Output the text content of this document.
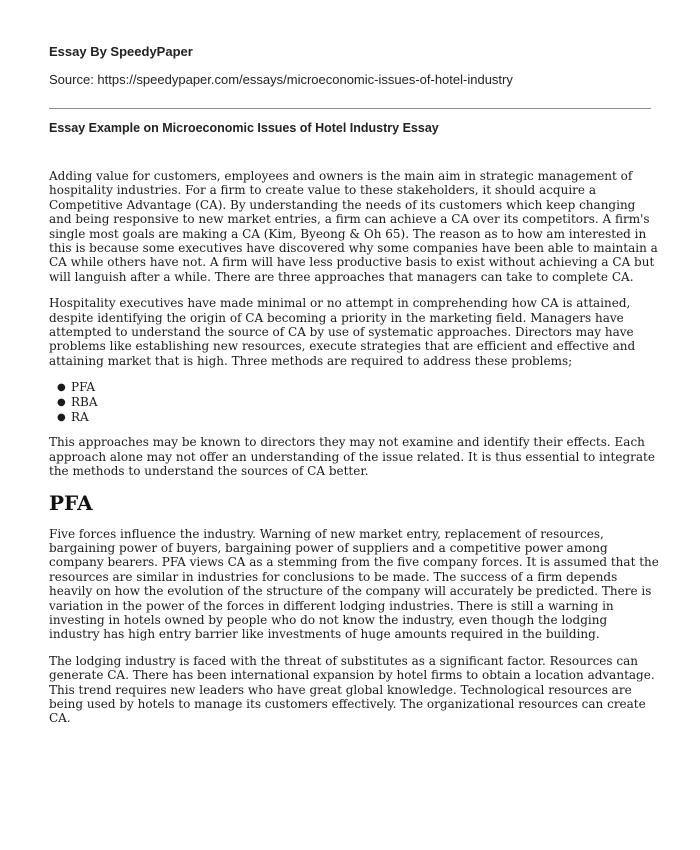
Essay By SpeedyPaper
Source: https://speedypaper.com/essays/microeconomic-issues-of-hotel-industry
Essay Example on Microeconomic Issues of Hotel Industry Essay

Adding value for customers, employees and owners is the main aim in strategic management of hospitality industries. For a firm to create value to these stakeholders, it should acquire a Competitive Advantage (CA). By understanding the needs of its customers which keep changing and being responsive to new market entries, a firm can achieve a CA over its competitors. A firm's single most goals are making a CA (Kim, Byeong & Oh 65). The reason as to how am interested in this is because some executives have discovered why some companies have been able to maintain a CA while others have not. A firm will have less productive basis to exist without achieving a CA but will languish after a while. There are three approaches that managers can take to complete CA.

Hospitality executives have made minimal or no attempt in comprehending how CA is attained, despite identifying the origin of CA becoming a priority in the marketing field. Managers have attempted to understand the source of CA by use of systematic approaches. Directors may have problems like establishing new resources, execute strategies that are efficient and effective and attaining market that is high. Three methods are required to address these problems;

● PFA
● RBA
● RA

This approaches may be known to directors they may not examine and identify their effects. Each approach alone may not offer an understanding of the issue related. It is thus essential to integrate the methods to understand the sources of CA better.

PFA

Five forces influence the industry. Warning of new market entry, replacement of resources, bargaining power of buyers, bargaining power of suppliers and a competitive power among company bearers. PFA views CA as a stemming from the five company forces. It is assumed that the resources are similar in industries for conclusions to be made. The success of a firm depends heavily on how the evolution of the structure of the company will accurately be predicted. There is variation in the power of the forces in different lodging industries. There is still a warning in investing in hotels owned by people who do not know the industry, even though the lodging industry has high entry barrier like investments of huge amounts required in the building.

The lodging industry is faced with the threat of substitutes as a significant factor. Resources can generate CA. There has been international expansion by hotel firms to obtain a location advantage. This trend requires new leaders who have great global knowledge. Technological resources are being used by hotels to manage its customers effectively. The organizational resources can create CA.
